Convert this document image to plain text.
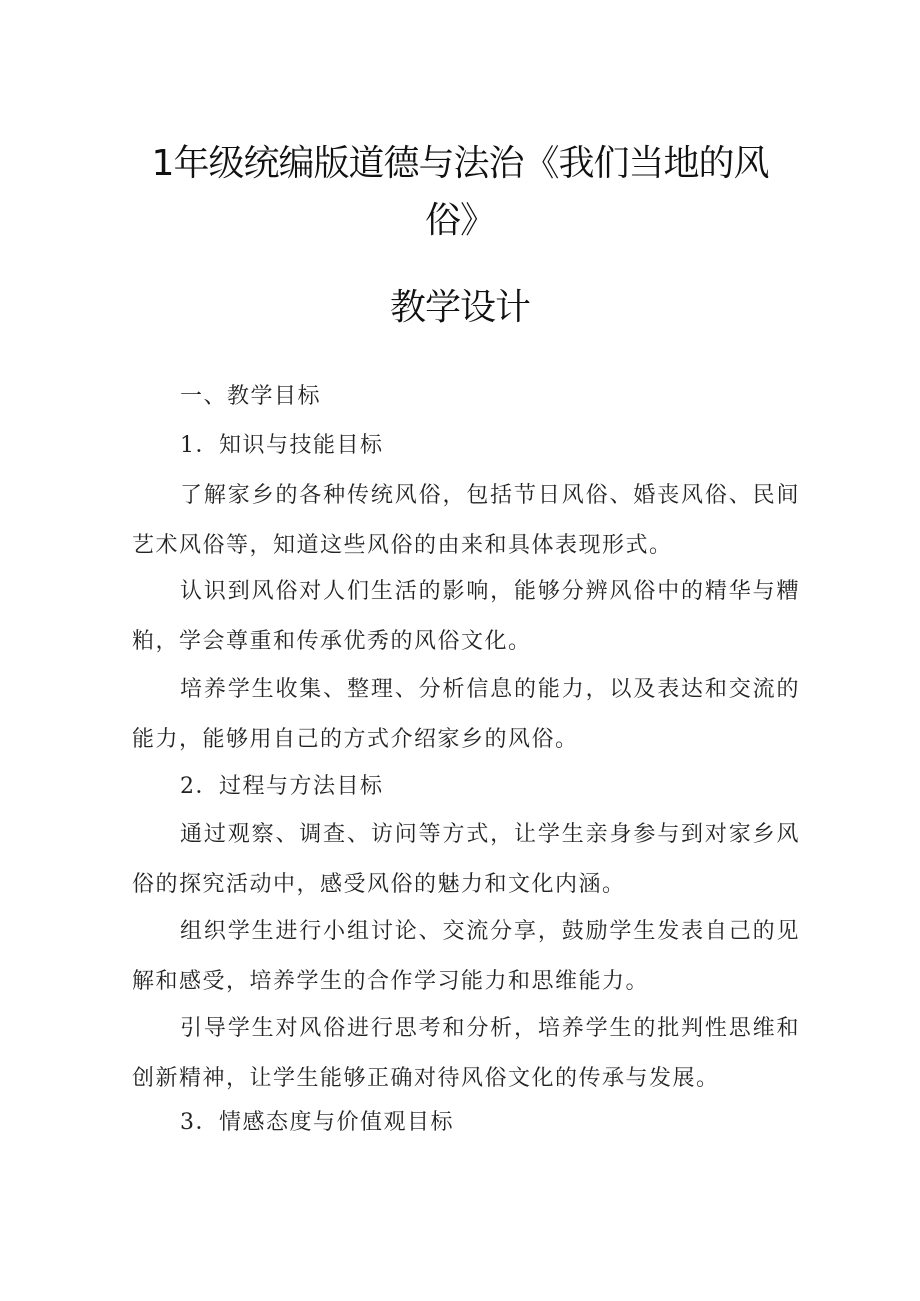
1年级统编版道德与法治《我们当地的风
俗》
教学设计

一、教学目标

1．知识与技能目标

了解家乡的各种传统风俗，包括节日风俗、婚丧风俗、民间艺术风俗等，知道这些风俗的由来和具体表现形式。

认识到风俗对人们生活的影响，能够分辨风俗中的精华与糟粕，学会尊重和传承优秀的风俗文化。

培养学生收集、整理、分析信息的能力，以及表达和交流的能力，能够用自己的方式介绍家乡的风俗。

2．过程与方法目标

通过观察、调查、访问等方式，让学生亲身参与到对家乡风俗的探究活动中，感受风俗的魅力和文化内涵。

组织学生进行小组讨论、交流分享，鼓励学生发表自己的见解和感受，培养学生的合作学习能力和思维能力。

引导学生对风俗进行思考和分析，培养学生的批判性思维和创新精神，让学生能够正确对待风俗文化的传承与发展。

3．情感态度与价值观目标
